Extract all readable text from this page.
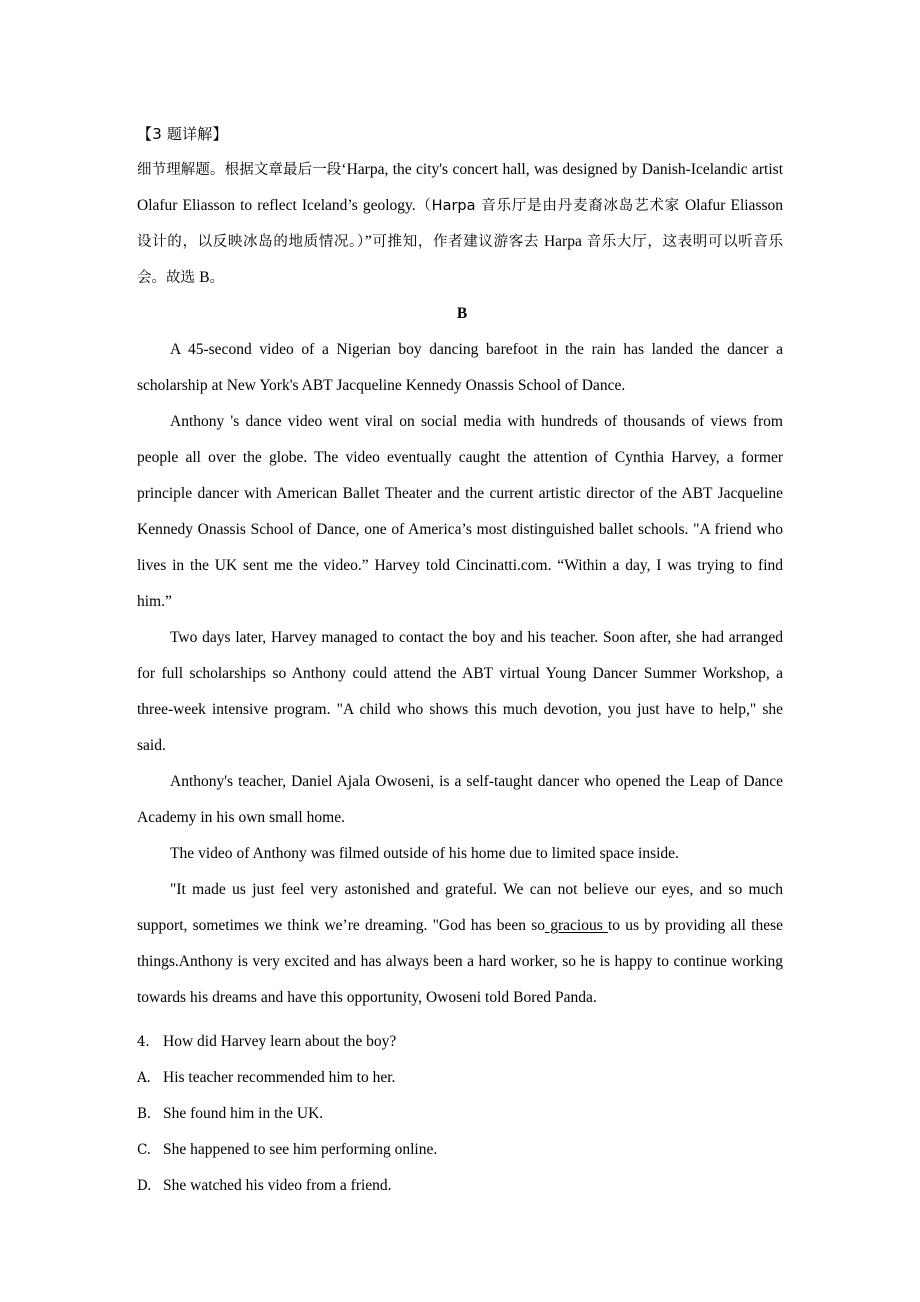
【3 题详解】

细节理解题。根据文章最后一段‘Harpa, the city's concert hall, was designed by Danish-Icelandic artist Olafur Eliasson to reflect Iceland’s geology.（Harpa 音乐厅是由丹麦裔冰岛艺术家 Olafur Eliasson 设计的，以反映冰岛的地质情况。）”可推知，作者建议游客去 Harpa 音乐大厅，这表明可以听音乐会。故选 B。

B

A 45-second video of a Nigerian boy dancing barefoot in the rain has landed the dancer a scholarship at New York's ABT Jacqueline Kennedy Onassis School of Dance.

Anthony 's dance video went viral on social media with hundreds of thousands of views from people all over the globe. The video eventually caught the attention of Cynthia Harvey, a former principle dancer with American Ballet Theater and the current artistic director of the ABT Jacqueline Kennedy Onassis School of Dance, one of America’s most distinguished ballet schools. "A friend who lives in the UK sent me the video.” Harvey told Cincinatti.com. “Within a day, I was trying to find him.”

Two days later, Harvey managed to contact the boy and his teacher. Soon after, she had arranged for full scholarships so Anthony could attend the ABT virtual Young Dancer Summer Workshop, a three-week intensive program. "A child who shows this much devotion, you just have to help," she said.

Anthony's teacher, Daniel Ajala Owoseni, is a self-taught dancer who opened the Leap of Dance Academy in his own small home.

The video of Anthony was filmed outside of his home due to limited space inside.

"It made us just feel very astonished and grateful. We can not believe our eyes, and so much support, sometimes we think we’re dreaming. "God has been so gracious to us by providing all these things.Anthony is very excited and has always been a hard worker, so he is happy to continue working towards his dreams and have this opportunity, Owoseni told Bored Panda.

4. How did Harvey learn about the boy?
A. His teacher recommended him to her.
B. She found him in the UK.
C. She happened to see him performing online.
D. She watched his video from a friend.
